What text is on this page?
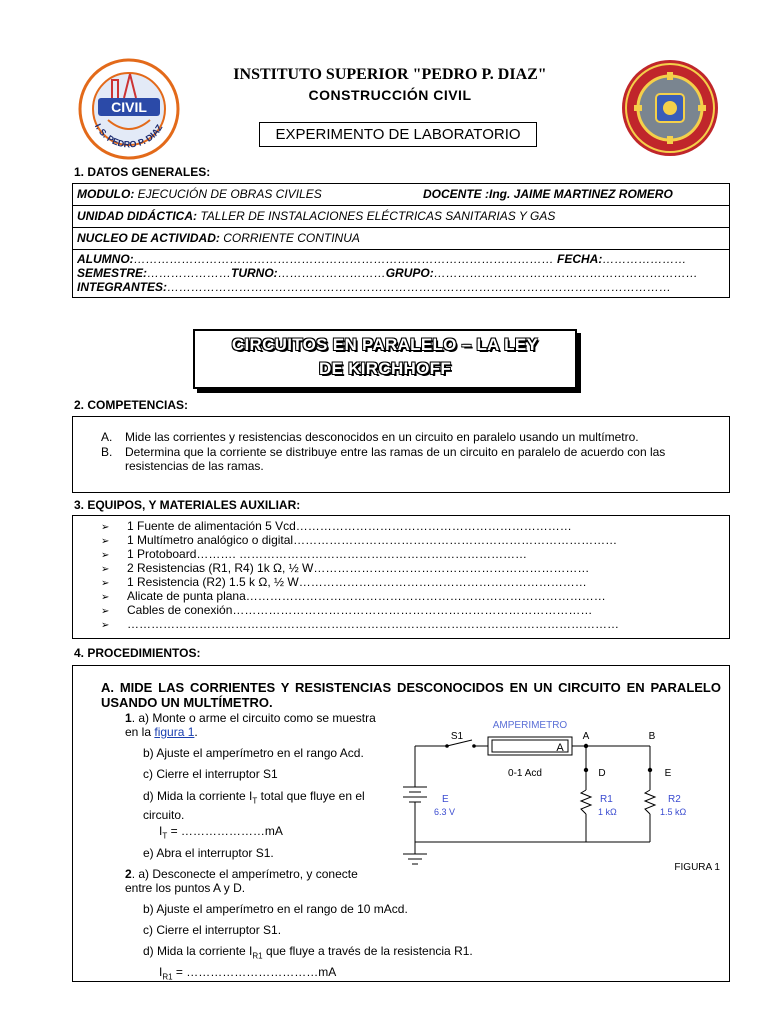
CIVIL
I. S. PEDRO P. DIAZ
INSTITUTO SUPERIOR "PEDRO P. DIAZ"
CONSTRUCCIÓN CIVIL
EXPERIMENTO DE LABORATORIO
1. DATOS GENERALES:
MODULO: EJECUCIÓN DE OBRAS CIVILES	DOCENTE :Ing. JAIME MARTINEZ ROMERO
UNIDAD DIDÁCTICA: TALLER DE INSTALACIONES ELÉCTRICAS SANITARIAS Y GAS
NUCLEO DE ACTIVIDAD: CORRIENTE CONTINUA
ALUMNO:…………………………………………………………………………………………… FECHA:…………………
SEMESTRE:…………………TURNO:………………………GRUPO:…………………………………………………………
INTEGRANTES:………………………………………………………………………………………………………………
CIRCUITOS EN PARALELO – LA LEY
DE KIRCHHOFF
2. COMPETENCIAS:
A. Mide las corrientes y resistencias desconocidos en un circuito en paralelo usando un multímetro.
B. Determina que la corriente se distribuye entre las ramas de un circuito en paralelo de acuerdo con las resistencias de las ramas.
3. EQUIPOS, Y MATERIALES AUXILIAR:
➢ 1 Fuente de alimentación 5 Vcd……………………………………………………………
➢ 1 Multímetro analógico o digital………………………………………………………………………
➢ 1 Protoboard………. ………………………………………………………………
➢ 2 Resistencias (R1, R4) 1k Ω, ½ W……………………………………………………………
➢ 1 Resistencia (R2) 1.5 k Ω, ½ W………………………………………………………………
➢ Alicate de punta plana………………………………………………………………………………
➢ Cables de conexión………………………………………………………………………………
➢ ……………………………………………………………………………………………………………
4. PROCEDIMIENTOS:
A. MIDE LAS CORRIENTES Y RESISTENCIAS DESCONOCIDOS EN UN CIRCUITO EN PARALELO USANDO UN MULTÍMETRO.
1. a) Monte o arme el circuito como se muestra en la figura 1.
b) Ajuste el amperímetro en el rango Acd.
c) Cierre el interruptor S1
d) Mida la corriente $I_T$ total que fluye en el circuito.
$I_T$ = …………………mA
e) Abra el interruptor S1.
2. a) Desconecte el amperímetro, y conecte entre los puntos A y D.
b) Ajuste el amperímetro en el rango de 10 mAcd.
c) Cierre el interruptor S1.
d) Mida la corriente $I_{R1}$ que fluye a través de la resistencia R1.
$I_{R1}$ = ……………………………mA
A
AMPERIMETRO
0-1 Acd
S1	A	B
D	E
E
6.3 V
R1
1 kΩ
R2
1.5 kΩ
FIGURA 1
